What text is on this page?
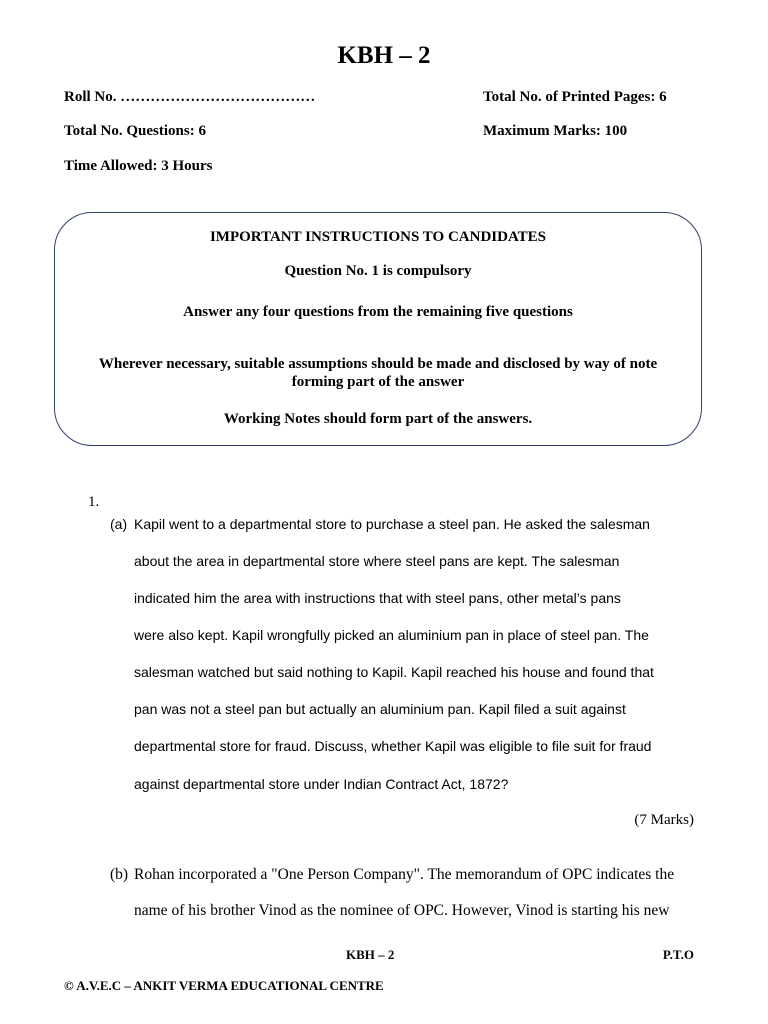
KBH – 2
Roll No. …………………………………	Total No. of Printed Pages: 6
Total No. Questions: 6	Maximum Marks: 100
Time Allowed: 3 Hours
IMPORTANT INSTRUCTIONS TO CANDIDATES
Question No. 1 is compulsory
Answer any four questions from the remaining five questions
Wherever necessary, suitable assumptions should be made and disclosed by way of note
forming part of the answer
Working Notes should form part of the answers.
1.
(a) Kapil went to a departmental store to purchase a steel pan. He asked the salesman
about the area in departmental store where steel pans are kept. The salesman
indicated him the area with instructions that with steel pans, other metal’s pans
were also kept. Kapil wrongfully picked an aluminium pan in place of steel pan. The
salesman watched but said nothing to Kapil. Kapil reached his house and found that
pan was not a steel pan but actually an aluminium pan. Kapil filed a suit against
departmental store for fraud. Discuss, whether Kapil was eligible to file suit for fraud
against departmental store under Indian Contract Act, 1872?
(7 Marks)
(b) Rohan incorporated a "One Person Company". The memorandum of OPC indicates the
name of his brother Vinod as the nominee of OPC. However, Vinod is starting his new
KBH – 2	P.T.O
© A.V.E.C – ANKIT VERMA EDUCATIONAL CENTRE
